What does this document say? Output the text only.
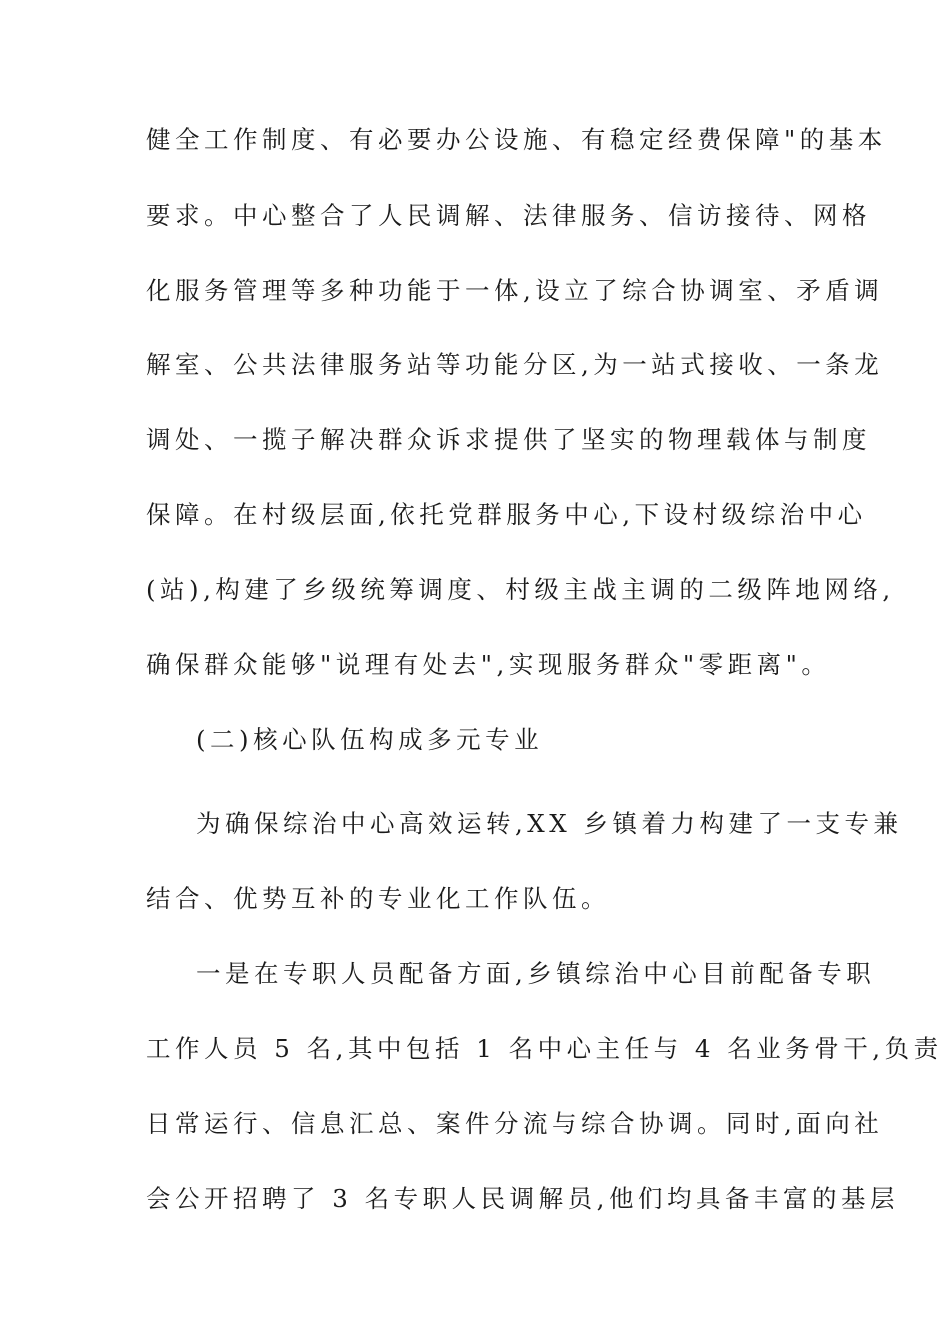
健全工作制度、有必要办公设施、有稳定经费保障"的基本

要求。中心整合了人民调解、法律服务、信访接待、网格

化服务管理等多种功能于一体,设立了综合协调室、矛盾调

解室、公共法律服务站等功能分区,为一站式接收、一条龙

调处、一揽子解决群众诉求提供了坚实的物理载体与制度

保障。在村级层面,依托党群服务中心,下设村级综治中心

(站),构建了乡级统筹调度、村级主战主调的二级阵地网络,

确保群众能够"说理有处去",实现服务群众"零距离"。

(二)核心队伍构成多元专业

为确保综治中心高效运转,XX 乡镇着力构建了一支专兼

结合、优势互补的专业化工作队伍。

一是在专职人员配备方面,乡镇综治中心目前配备专职

工作人员 5 名,其中包括 1 名中心主任与 4 名业务骨干,负责

日常运行、信息汇总、案件分流与综合协调。同时,面向社

会公开招聘了 3 名专职人民调解员,他们均具备丰富的基层
